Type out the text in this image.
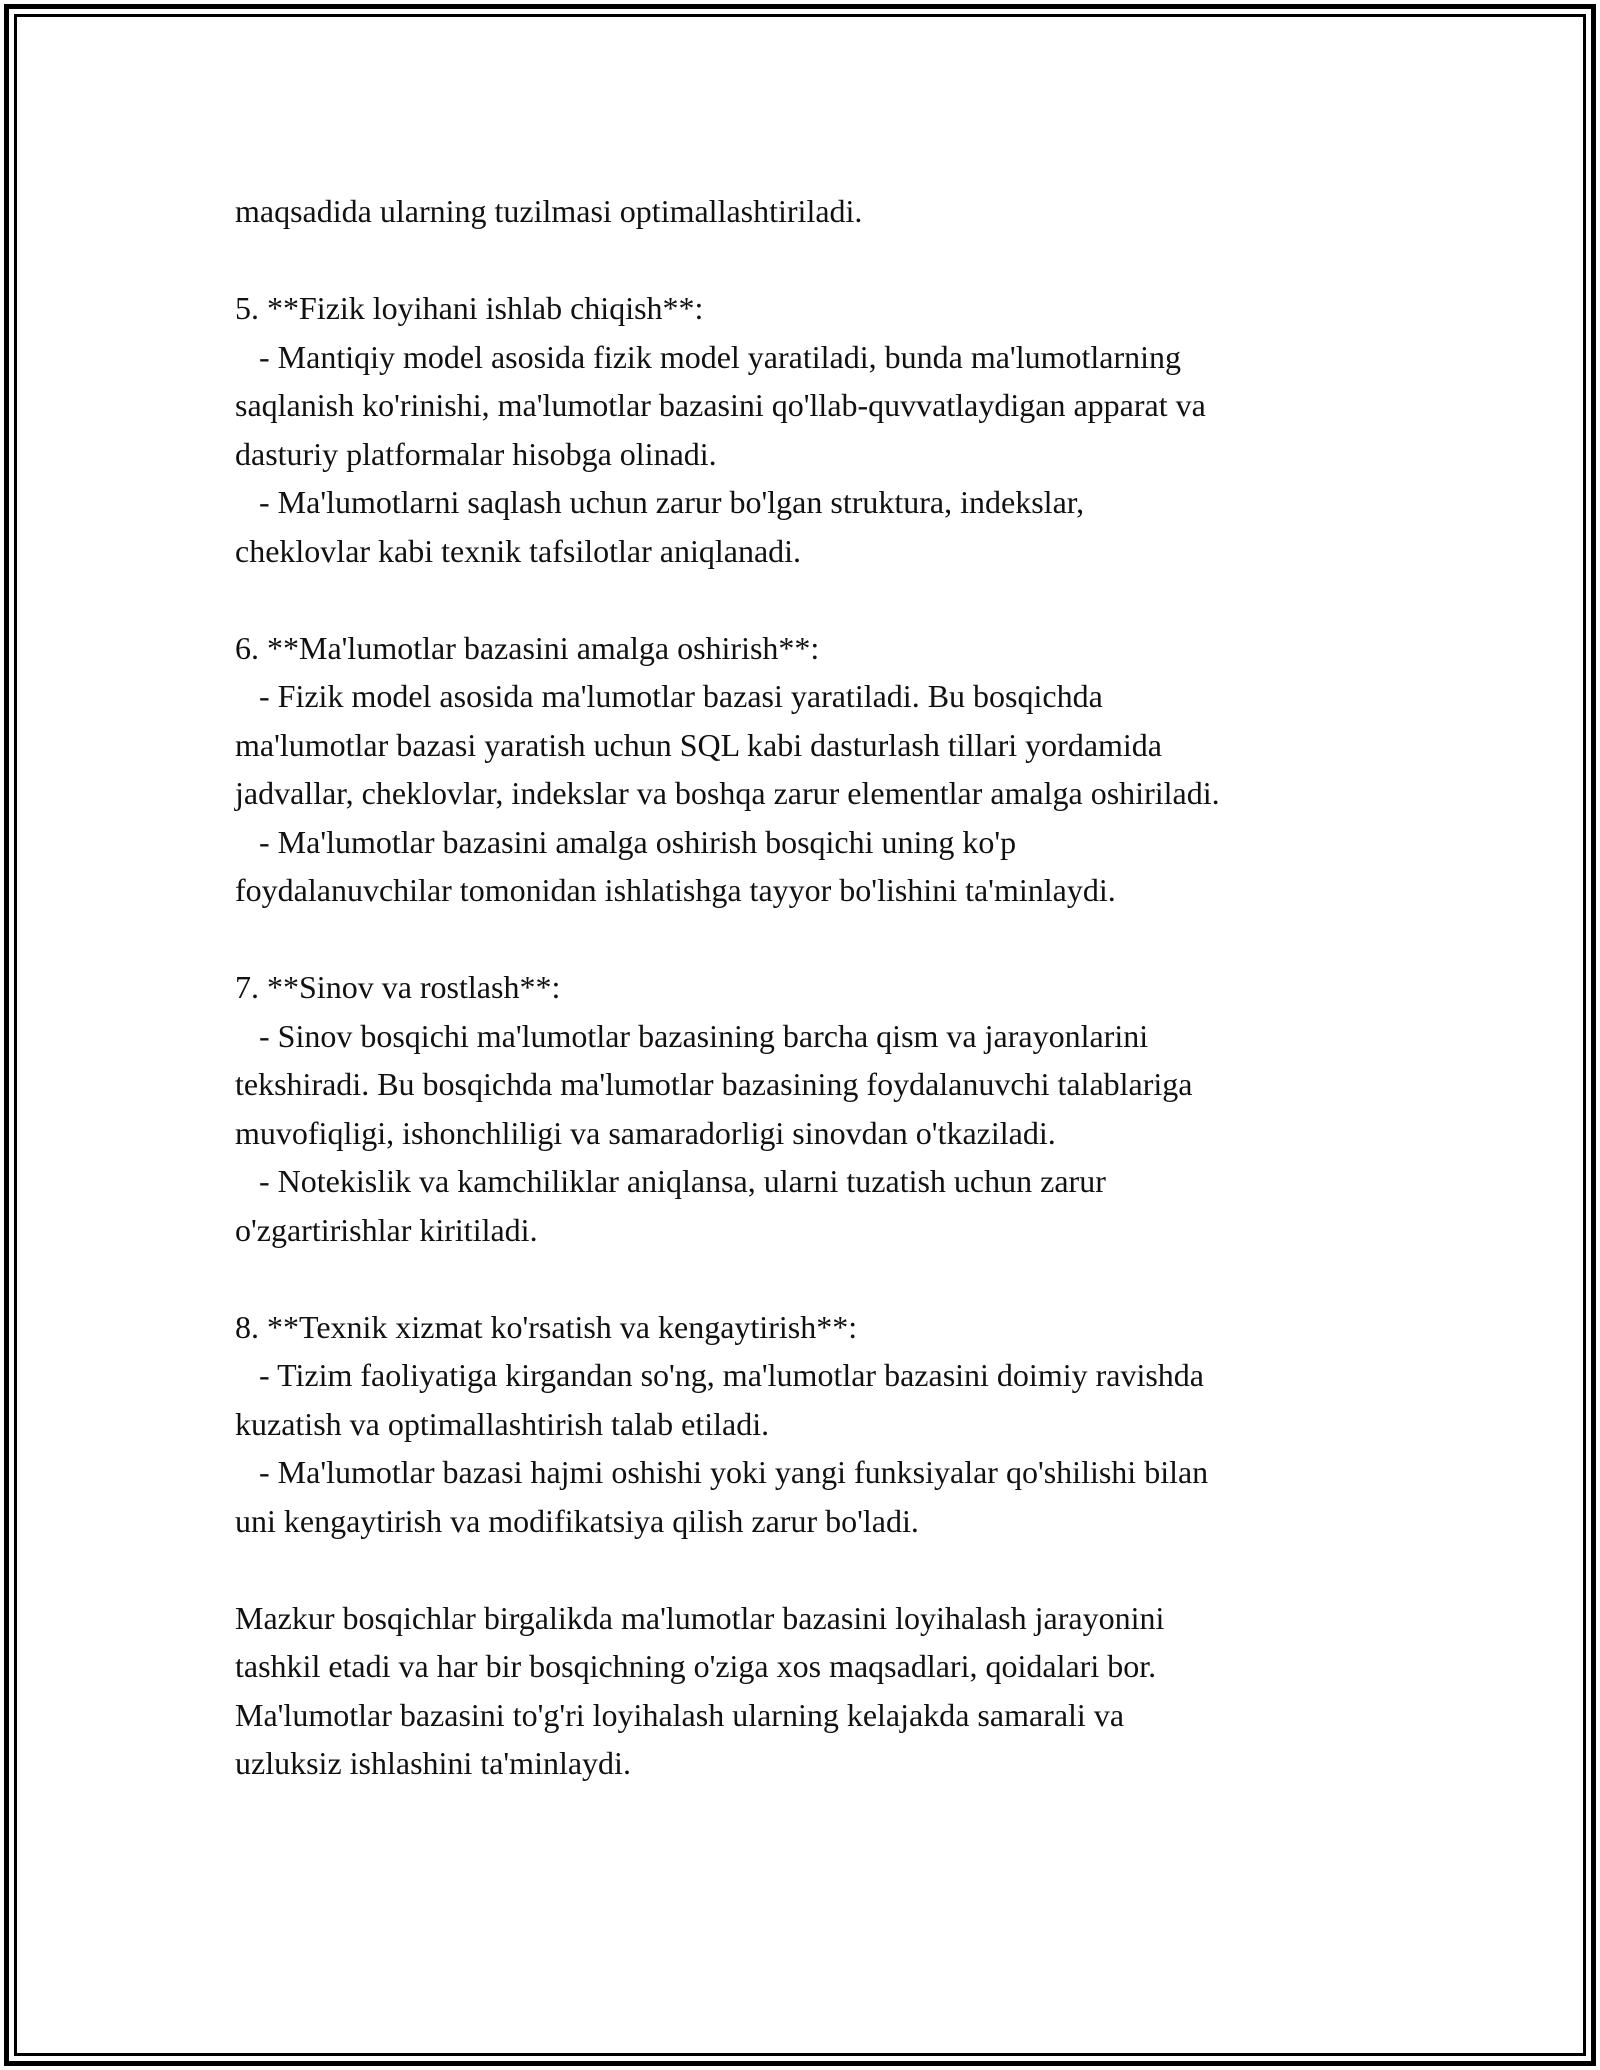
maqsadida ularning tuzilmasi optimallashtiriladi.
5. **Fizik loyihani ishlab chiqish**:
- Mantiqiy model asosida fizik model yaratiladi, bunda ma'lumotlarning
saqlanish ko'rinishi, ma'lumotlar bazasini qo'llab-quvvatlaydigan apparat va
dasturiy platformalar hisobga olinadi.
- Ma'lumotlarni saqlash uchun zarur bo'lgan struktura, indekslar,
cheklovlar kabi texnik tafsilotlar aniqlanadi.
6. **Ma'lumotlar bazasini amalga oshirish**:
- Fizik model asosida ma'lumotlar bazasi yaratiladi. Bu bosqichda
ma'lumotlar bazasi yaratish uchun SQL kabi dasturlash tillari yordamida
jadvallar, cheklovlar, indekslar va boshqa zarur elementlar amalga oshiriladi.
- Ma'lumotlar bazasini amalga oshirish bosqichi uning ko'p
foydalanuvchilar tomonidan ishlatishga tayyor bo'lishini ta'minlaydi.
7. **Sinov va rostlash**:
- Sinov bosqichi ma'lumotlar bazasining barcha qism va jarayonlarini
tekshiradi. Bu bosqichda ma'lumotlar bazasining foydalanuvchi talablariga
muvofiqligi, ishonchliligi va samaradorligi sinovdan o'tkaziladi.
- Notekislik va kamchiliklar aniqlansa, ularni tuzatish uchun zarur
o'zgartirishlar kiritiladi.
8. **Texnik xizmat ko'rsatish va kengaytirish**:
- Tizim faoliyatiga kirgandan so'ng, ma'lumotlar bazasini doimiy ravishda
kuzatish va optimallashtirish talab etiladi.
- Ma'lumotlar bazasi hajmi oshishi yoki yangi funksiyalar qo'shilishi bilan
uni kengaytirish va modifikatsiya qilish zarur bo'ladi.
Mazkur bosqichlar birgalikda ma'lumotlar bazasini loyihalash jarayonini
tashkil etadi va har bir bosqichning o'ziga xos maqsadlari, qoidalari bor.
Ma'lumotlar bazasini to'g'ri loyihalash ularning kelajakda samarali va
uzluksiz ishlashini ta'minlaydi.
